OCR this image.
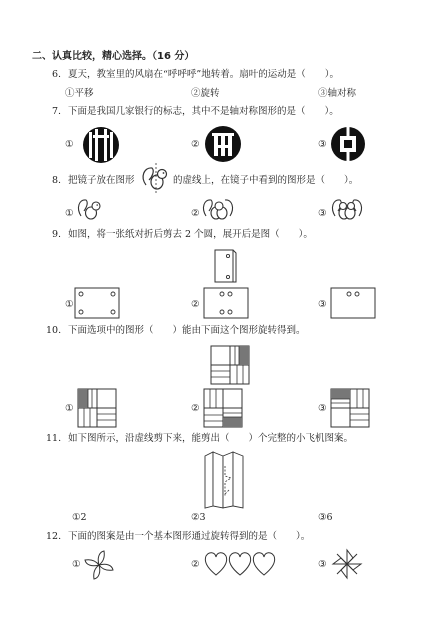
二、认真比较，精心选择。（16 分）
6. 夏天，教室里的风扇在“呼呼呼”地转着。扇叶的运动是（　　）。
①平移	②旋转	③轴对称
7. 下面是我国几家银行的标志，其中不是轴对称图形的是（　　）。
①	②	③
8. 把镜子放在图形	的虚线上，在镜子中看到的图形是（　　）。
①	②	③
9. 如图，将一张纸对折后剪去 2 个圆，展开后是图（　　）。
①	②	③
10. 下面选项中的图形（　　）能由下面这个图形旋转得到。
①	②	③
11. 如下图所示，沿虚线剪下来，能剪出（　　）个完整的小飞机图案。
①2	②3	③6
12. 下面的图案是由一个基本图形通过旋转得到的是（　　）。
①	②	③
